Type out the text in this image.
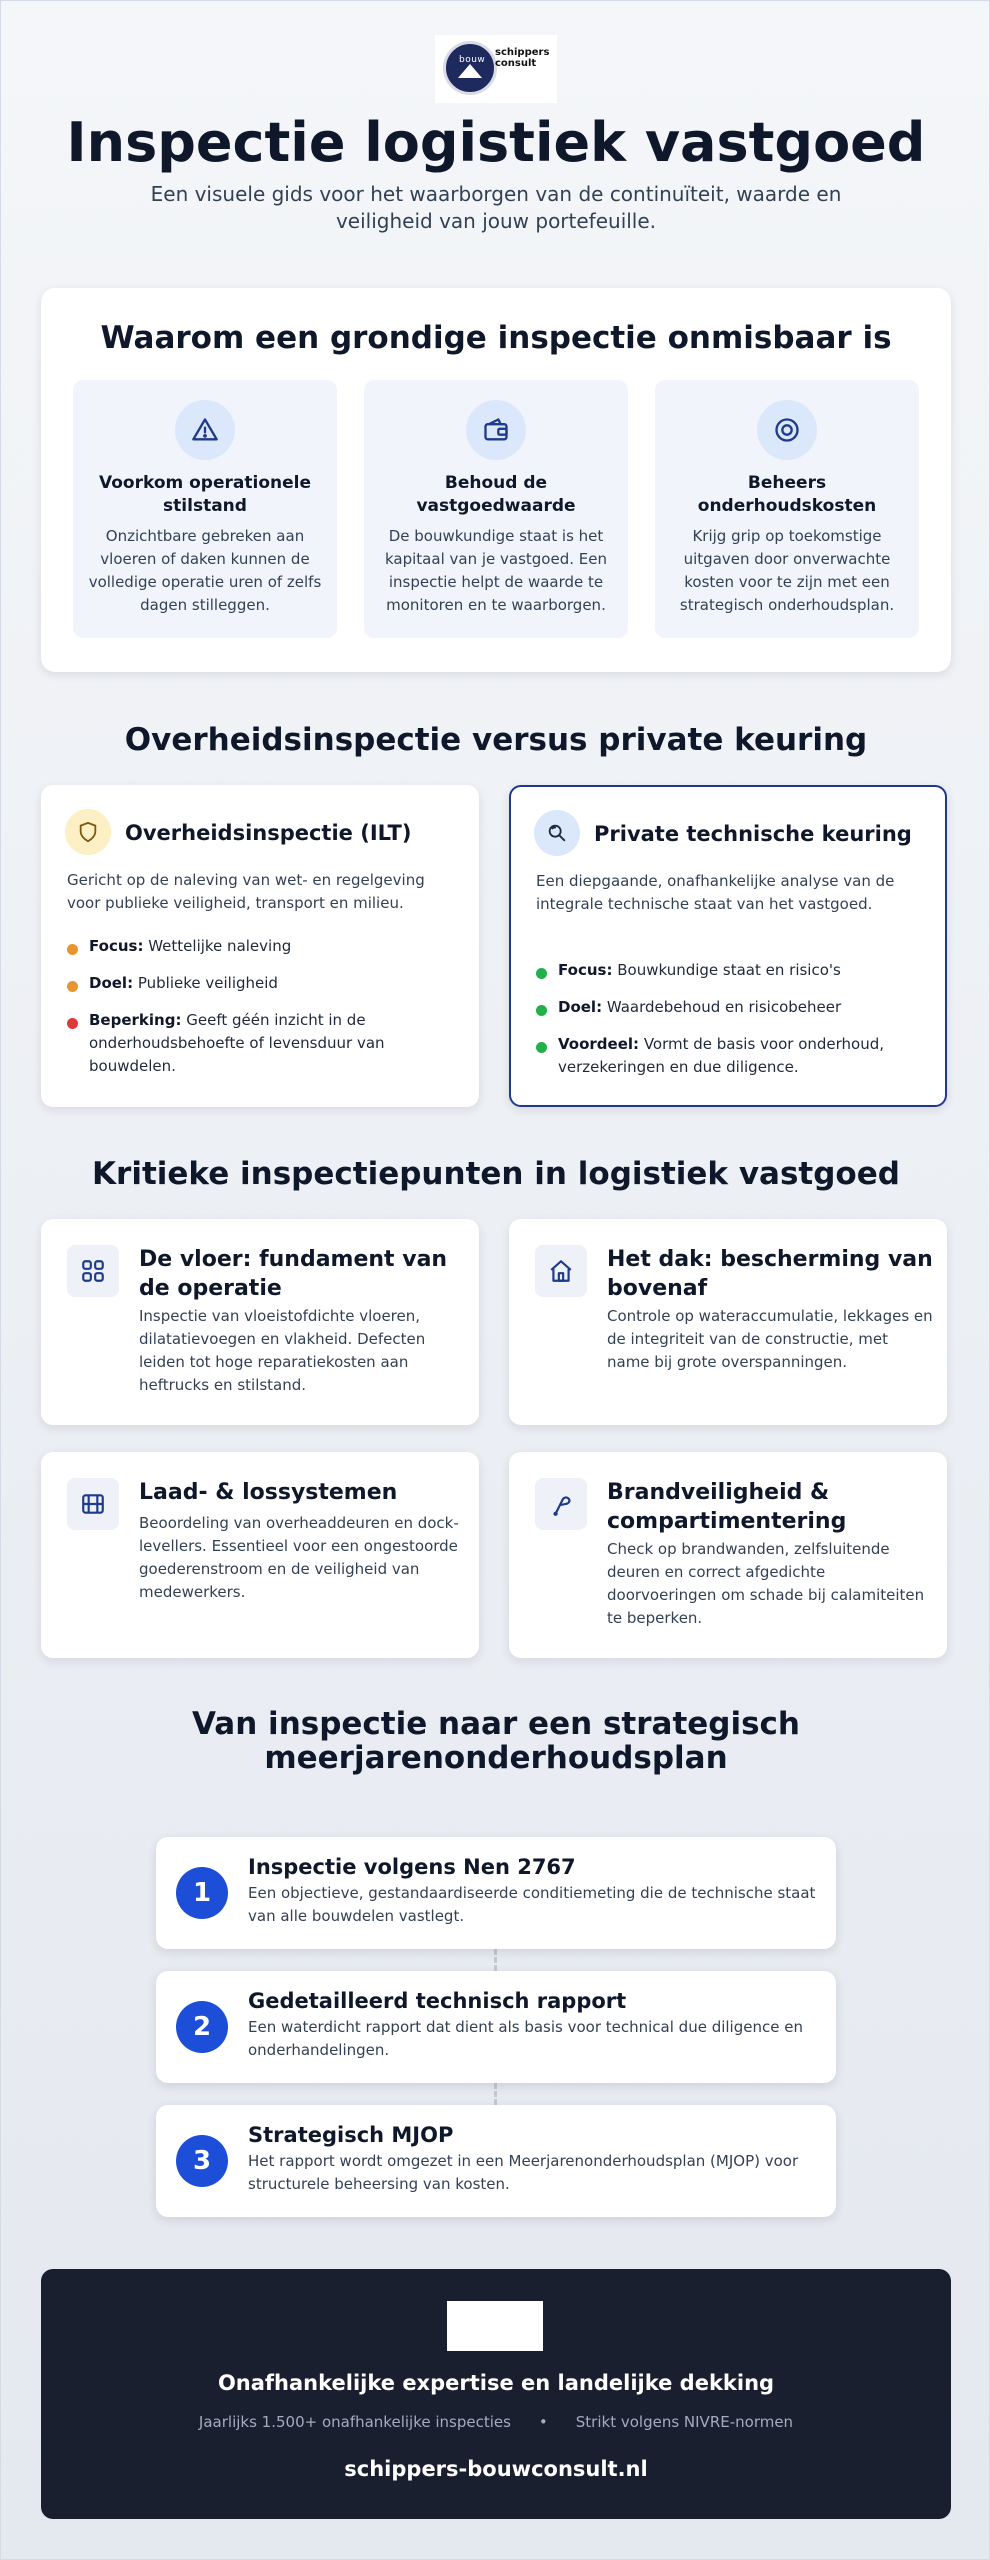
bouw
schippers
consult
Inspectie logistiek vastgoed

Een visuele gids voor het waarborgen van de continuïteit, waarde en veiligheid van jouw portefeuille.

Waarom een grondige inspectie onmisbaar is
Voorkom operationele stilstand
Onzichtbare gebreken aan vloeren of daken kunnen de volledige operatie uren of zelfs dagen stilleggen.
Behoud de vastgoedwaarde
De bouwkundige staat is het kapitaal van je vastgoed. Een inspectie helpt de waarde te monitoren en te waarborgen.
Beheers onderhoudskosten
Krijg grip op toekomstige uitgaven door onverwachte kosten voor te zijn met een strategisch onderhoudsplan.
Overheidsinspectie versus private keuring
Overheidsinspectie (ILT)
Gericht op de naleving van wet- en regelgeving voor publieke veiligheid, transport en milieu.
Focus: Wettelijke naleving
Doel: Publieke veiligheid
Beperking: Geeft géén inzicht in de onderhoudsbehoefte of levensduur van bouwdelen.
Private technische keuring
Een diepgaande, onafhankelijke analyse van de integrale technische staat van het vastgoed.
Focus: Bouwkundige staat en risico's
Doel: Waardebehoud en risicobeheer
Voordeel: Vormt de basis voor onderhoud, verzekeringen en due diligence.
Kritieke inspectiepunten in logistiek vastgoed
De vloer: fundament van de operatie
Inspectie van vloeistofdichte vloeren, dilatatievoegen en vlakheid. Defecten leiden tot hoge reparatiekosten aan heftrucks en stilstand.
Het dak: bescherming van bovenaf
Controle op wateraccumulatie, lekkages en de integriteit van de constructie, met name bij grote overspanningen.
Laad- & lossystemen
Beoordeling van overheaddeuren en dock-levellers. Essentieel voor een ongestoorde goederenstroom en de veiligheid van medewerkers.
Brandveiligheid & compartimentering
Check op brandwanden, zelfsluitende deuren en correct afgedichte doorvoeringen om schade bij calamiteiten te beperken.
Van inspectie naar een strategisch meerjarenonderhoudsplan
1
Inspectie volgens Nen 2767
Een objectieve, gestandaardiseerde conditiemeting die de technische staat van alle bouwdelen vastlegt.
2
Gedetailleerd technisch rapport
Een waterdicht rapport dat dient als basis voor technical due diligence en onderhandelingen.
3
Strategisch MJOP
Het rapport wordt omgezet in een Meerjarenonderhoudsplan (MJOP) voor structurele beheersing van kosten.
Onafhankelijke expertise en landelijke dekking
Jaarlijks 1.500+ onafhankelijke inspecties • Strikt volgens NIVRE-normen
schippers-bouwconsult.nl
